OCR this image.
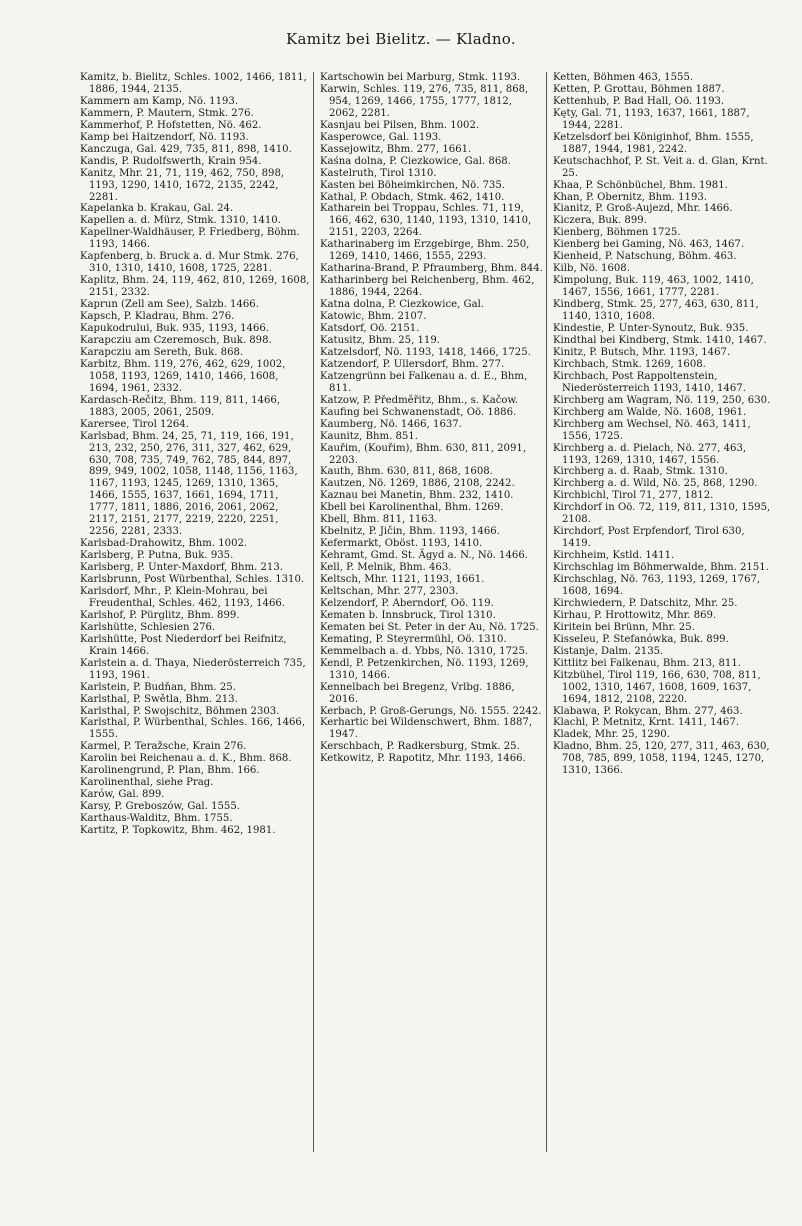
Kamitz bei Bielitz. — Kladno.
Kamitz, b. Bielitz, Schles. 1002, 1466, 1811, 1886, 1944, 2135.
Kammern am Kamp, Nö. 1193.
Kammern, P. Mautern, Stmk. 276.
Kammerhof, P. Hofstetten, Nö. 462.
Kamp bei Haitzendorf, Nö. 1193.
Kanczuga, Gal. 429, 735, 811, 898, 1410.
Kandis, P. Rudolfswerth, Krain 954.
Kanitz, Mhr. 21, 71, 119, 462, 750, 898, 1193, 1290, 1410, 1672, 2135, 2242, 2281.
Kapelanka b. Krakau, Gal. 24.
Kapellen a. d. Mürz, Stmk. 1310, 1410.
Kapellner-Waldhäuser, P. Friedberg, Böhm. 1193, 1466.
Kapfenberg, b. Bruck a. d. Mur Stmk. 276, 310, 1310, 1410, 1608, 1725, 2281.
Kaplitz, Bhm. 24, 119, 462, 810, 1269, 1608, 2151, 2332.
Kaprun (Zell am See), Salzb. 1466.
Kapsch, P. Kladrau, Bhm. 276.
Kapukodrului, Buk. 935, 1193, 1466.
Karapcziu am Czeremosch, Buk. 898.
Karapcziu am Sereth, Buk. 868.
Karbitz, Bhm. 119, 276, 462, 629, 1002, 1058, 1193, 1269, 1410, 1466, 1608, 1694, 1961, 2332.
Kardasch-Rečitz, Bhm. 119, 811, 1466, 1883, 2005, 2061, 2509.
Karersee, Tirol 1264.
Karlsbad, Bhm. 24, 25, 71, 119, 166, 191, 213, 232, 250, 276, 311, 327, 462, 629, 630, 708, 735, 749, 762, 785, 844, 897, 899, 949, 1002, 1058, 1148, 1156, 1163, 1167, 1193, 1245, 1269, 1310, 1365, 1466, 1555, 1637, 1661, 1694, 1711, 1777, 1811, 1886, 2016, 2061, 2062, 2117, 2151, 2177, 2219, 2220, 2251, 2256, 2281, 2333.
Karlsbad-Drahowitz, Bhm. 1002.
Karlsberg, P. Putna, Buk. 935.
Karlsberg, P. Unter-Maxdorf, Bhm. 213.
Karlsbrunn, Post Würbenthal, Schles. 1310.
Karlsdorf, Mhr., P. Klein-Mohrau, bei Freudenthal, Schles. 462, 1193, 1466.
Karlshof, P. Pürglitz, Bhm. 899.
Karlshütte, Schlesien 276.
Karlshütte, Post Niederdorf bei Reifnitz, Krain 1466.
Karlstein a. d. Thaya, Niederösterreich 735, 1193, 1961.
Karlstein, P. Budňan, Bhm. 25.
Karlsthal, P. Swětla, Bhm. 213.
Karlsthal, P. Swojschitz, Böhmen 2303.
Karlsthal, P. Würbenthal, Schles. 166, 1466, 1555.
Karmel, P. Teražsche, Krain 276.
Karolin bei Reichenau a. d. K., Bhm. 868.
Karolinengrund, P. Plan, Bhm. 166.
Karolinenthal, siehe Prag.
Karów, Gal. 899.
Karsy, P. Greboszów, Gal. 1555.
Karthaus-Walditz, Bhm. 1755.
Kartitz, P. Topkowitz, Bhm. 462, 1981.
Kartschowin bei Marburg, Stmk. 1193.
Karwin, Schles. 119, 276, 735, 811, 868, 954, 1269, 1466, 1755, 1777, 1812, 2062, 2281.
Kasnjau bei Pilsen, Bhm. 1002.
Kasperowce, Gal. 1193.
Kassejowitz, Bhm. 277, 1661.
Kaśna dolna, P. Ciezkowice, Gal. 868.
Kastelruth, Tirol 1310.
Kasten bei Böheimkirchen, Nö. 735.
Kathal, P. Obdach, Stmk. 462, 1410.
Katharein bei Troppau, Schles. 71, 119, 166, 462, 630, 1140, 1193, 1310, 1410, 2151, 2203, 2264.
Katharinaberg im Erzgebirge, Bhm. 250, 1269, 1410, 1466, 1555, 2293.
Katharina-Brand, P. Pfraumberg, Bhm. 844.
Katharinberg bei Reichenberg, Bhm. 462, 1886, 1944, 2264.
Katna dolna, P. Ciezkowice, Gal.
Katowic, Bhm. 2107.
Katsdorf, Oö. 2151.
Katusitz, Bhm. 25, 119.
Katzelsdorf, Nö. 1193, 1418, 1466, 1725.
Katzendorf, P. Ullersdorf, Bhm. 277.
Katzengrünn bei Falkenau a. d. E., Bhm, 811.
Katzow, P. Předměřitz, Bhm., s. Kačow.
Kaufing bei Schwanenstadt, Oö. 1886.
Kaumberg, Nö. 1466, 1637.
Kaunitz, Bhm. 851.
Kauřim, (Kouřim), Bhm. 630, 811, 2091, 2203.
Kauth, Bhm. 630, 811, 868, 1608.
Kautzen, Nö. 1269, 1886, 2108, 2242.
Kaznau bei Manetin, Bhm. 232, 1410.
Kbell bei Karolinenthal, Bhm. 1269.
Kbell, Bhm. 811, 1163.
Kbelnitz, P. Jičin, Bhm. 1193, 1466.
Kefermarkt, Oböst. 1193, 1410.
Kehramt, Gmd. St. Ägyd a. N., Nö. 1466.
Kell, P. Melnik, Bhm. 463.
Keltsch, Mhr. 1121, 1193, 1661.
Keltschan, Mhr. 277, 2303.
Kelzendorf, P. Aberndorf, Oö. 119.
Kematen b. Innsbruck, Tirol 1310.
Kematen bei St. Peter in der Au, Nö. 1725.
Kemating, P. Steyrermühl, Oö. 1310.
Kemmelbach a. d. Ybbs, Nö. 1310, 1725.
Kendl, P. Petzenkirchen, Nö. 1193, 1269, 1310, 1466.
Kennelbach bei Bregenz, Vrlbg. 1886, 2016.
Kerbach, P. Groß-Gerungs, Nö. 1555. 2242.
Kerhartic bei Wildenschwert, Bhm. 1887, 1947.
Kerschbach, P. Radkersburg, Stmk. 25.
Ketkowitz, P. Rapotitz, Mhr. 1193, 1466.
Ketten, Böhmen 463, 1555.
Ketten, P. Grottau, Böhmen 1887.
Kettenhub, P. Bad Hall, Oö. 1193.
Kęty, Gal. 71, 1193, 1637, 1661, 1887, 1944, 2281.
Ketzelsdorf bei Königinhof, Bhm. 1555, 1887, 1944, 1981, 2242.
Keutschachhof, P. St. Veit a. d. Glan, Krnt. 25.
Khaa, P. Schönbüchel, Bhm. 1981.
Khan, P. Obernitz, Bhm. 1193.
Kianitz, P. Groß-Aujezd, Mhr. 1466.
Kiczera, Buk. 899.
Kienberg, Böhmen 1725.
Kienberg bei Gaming, Nö. 463, 1467.
Kienheid, P. Natschung, Böhm. 463.
Kilb, Nö. 1608.
Kimpolung, Buk. 119, 463, 1002, 1410, 1467, 1556, 1661, 1777, 2281.
Kindberg, Stmk. 25, 277, 463, 630, 811, 1140, 1310, 1608.
Kindestie, P. Unter-Synoutz, Buk. 935.
Kindthal bei Kindberg, Stmk. 1410, 1467.
Kinitz, P. Butsch, Mhr. 1193, 1467.
Kirchbach, Stmk. 1269, 1608.
Kirchbach, Post Rappoltenstein, Niederösterreich 1193, 1410, 1467.
Kirchberg am Wagram, Nö. 119, 250, 630.
Kirchberg am Walde, Nö. 1608, 1961.
Kirchberg am Wechsel, Nö. 463, 1411, 1556, 1725.
Kirchberg a. d. Pielach, Nö. 277, 463, 1193, 1269, 1310, 1467, 1556.
Kirchberg a. d. Raab, Stmk. 1310.
Kirchberg a. d. Wild, Nö. 25, 868, 1290.
Kirchbichl, Tirol 71, 277, 1812.
Kirchdorf in Oö. 72, 119, 811, 1310, 1595, 2108.
Kirchdorf, Post Erpfendorf, Tirol 630, 1419.
Kirchheim, Kstld. 1411.
Kirchschlag im Böhmerwalde, Bhm. 2151.
Kirchschlag, Nö. 763, 1193, 1269, 1767, 1608, 1694.
Kirchwiedern, P. Datschitz, Mhr. 25.
Kirhau, P. Hrottowitz, Mhr. 869.
Kiritein bei Brünn, Mhr. 25.
Kisseleu, P. Stefanówka, Buk. 899.
Kistanje, Dalm. 2135.
Kittlitz bei Falkenau, Bhm. 213, 811.
Kitzbühel, Tirol 119, 166, 630, 708, 811, 1002, 1310, 1467, 1608, 1609, 1637, 1694, 1812, 2108, 2220.
Klabawa, P. Rokycan, Bhm. 277, 463.
Klachl, P. Metnitz, Krnt. 1411, 1467.
Kladek, Mhr. 25, 1290.
Kladno, Bhm. 25, 120, 277, 311, 463, 630, 708, 785, 899, 1058, 1194, 1245, 1270, 1310, 1366.
